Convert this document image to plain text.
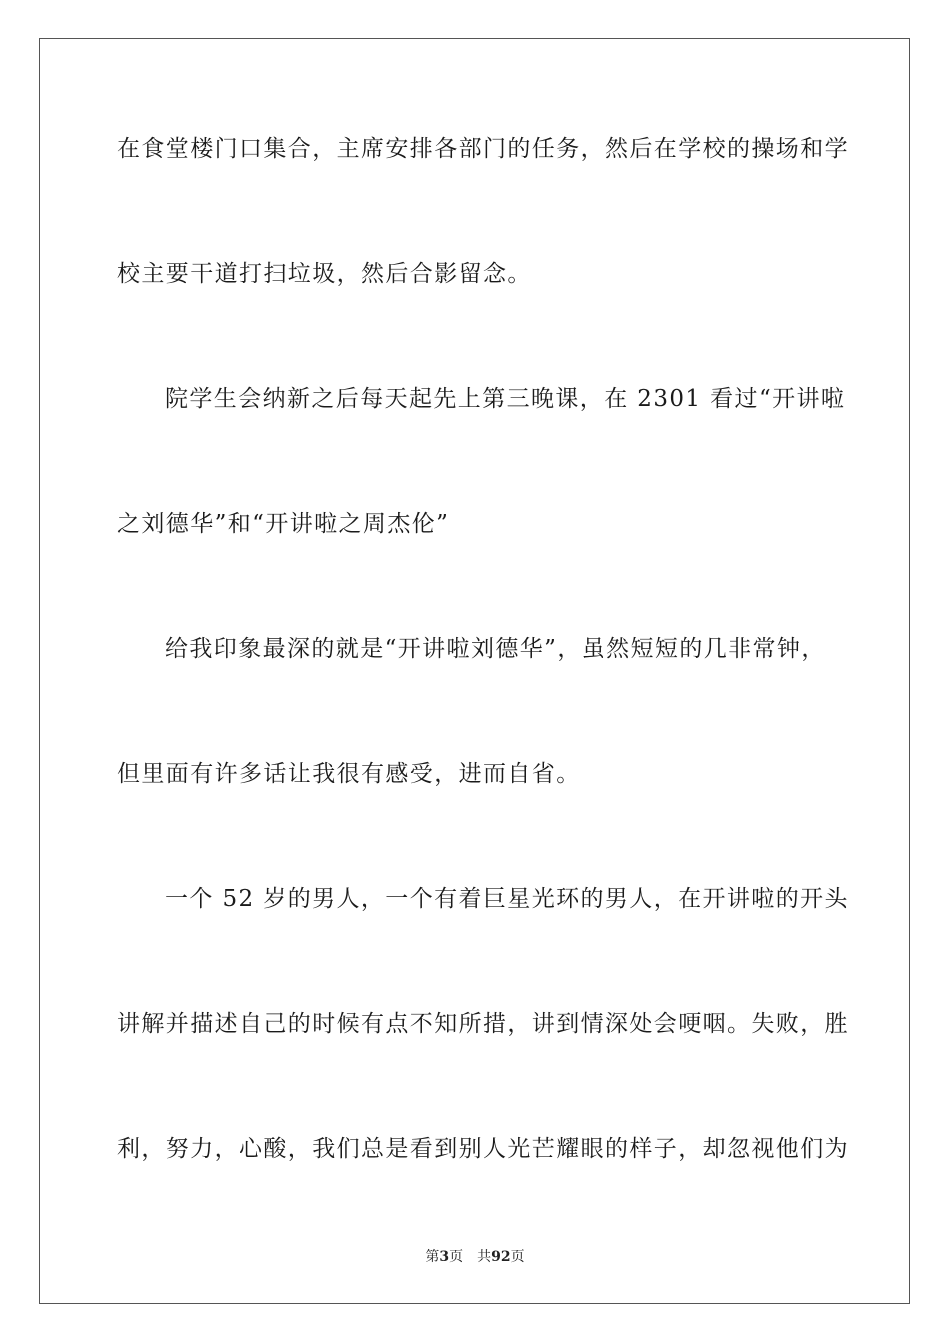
在食堂楼门口集合，主席安排各部门的任务，然后在学校的操场和学
校主要干道打扫垃圾，然后合影留念。
院学生会纳新之后每天起先上第三晚课，在 2301 看过“开讲啦
之刘德华”和“开讲啦之周杰伦”
给我印象最深的就是“开讲啦刘德华”，虽然短短的几非常钟，
但里面有许多话让我很有感受，进而自省。
一个 52 岁的男人，一个有着巨星光环的男人，在开讲啦的开头
讲解并描述自己的时候有点不知所措，讲到情深处会哽咽。失败，胜
利，努力，心酸，我们总是看到别人光芒耀眼的样子，却忽视他们为
第3页 共92页
